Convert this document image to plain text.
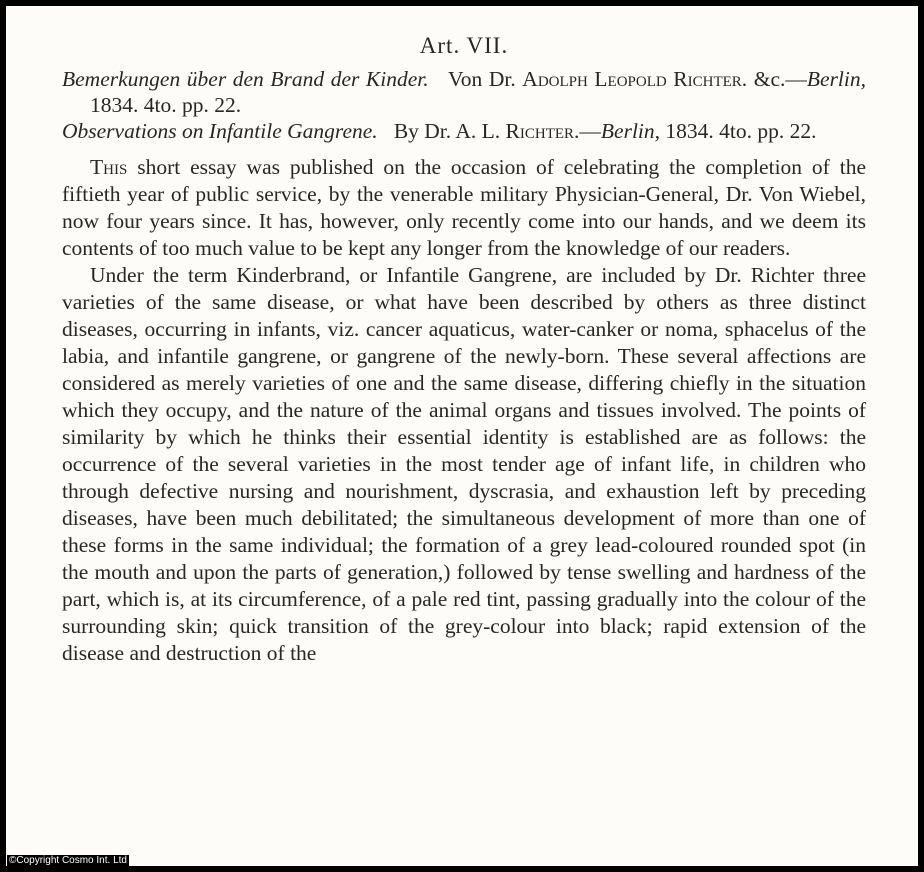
Art. VII.

Bemerkungen über den Brand der Kinder. Von Dr. Adolph Leopold Richter. &c.—Berlin, 1834. 4to. pp. 22.

Observations on Infantile Gangrene. By Dr. A. L. Richter.—Berlin, 1834. 4to. pp. 22.

This short essay was published on the occasion of celebrating the completion of the fiftieth year of public service, by the venerable military Physician-General, Dr. Von Wiebel, now four years since. It has, however, only recently come into our hands, and we deem its contents of too much value to be kept any longer from the knowledge of our readers.

Under the term Kinderbrand, or Infantile Gangrene, are included by Dr. Richter three varieties of the same disease, or what have been described by others as three distinct diseases, occurring in infants, viz. cancer aquaticus, water-canker or noma, sphacelus of the labia, and infantile gangrene, or gangrene of the newly-born. These several affections are considered as merely varieties of one and the same disease, differing chiefly in the situation which they occupy, and the nature of the animal organs and tissues involved. The points of similarity by which he thinks their essential identity is established are as follows: the occurrence of the several varieties in the most tender age of infant life, in children who through defective nursing and nourishment, dyscrasia, and exhaustion left by preceding diseases, have been much debilitated; the simultaneous development of more than one of these forms in the same individual; the formation of a grey lead-coloured rounded spot (in the mouth and upon the parts of generation,) followed by tense swelling and hardness of the part, which is, at its circumference, of a pale red tint, passing gradually into the colour of the surrounding skin; quick transition of the grey-colour into black; rapid extension of the disease and destruction of the

©Copyright Cosmo Int. Ltd
